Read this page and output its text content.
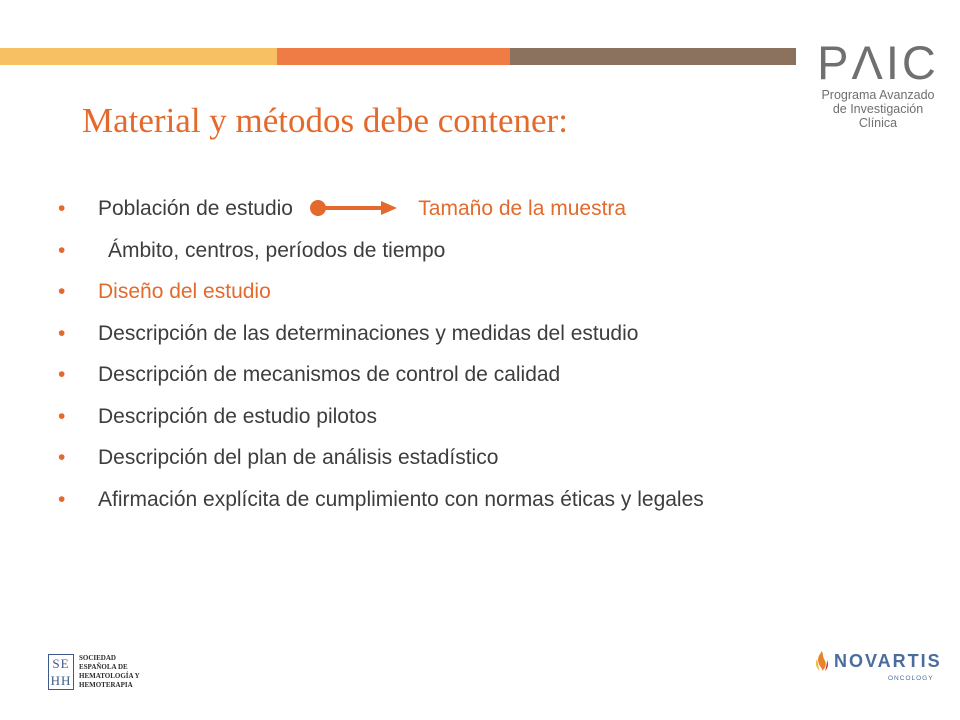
PΛIC
Programa Avanzado
de Investigación
Clínica
Material y métodos debe contener:
• Población de estudio	Tamaño de la muestra
• Ámbito, centros, períodos de tiempo
• Diseño del estudio
• Descripción de las determinaciones y medidas del estudio
• Descripción de mecanismos de control de calidad
• Descripción de estudio pilotos
• Descripción del plan de análisis estadístico
• Afirmación explícita de cumplimiento con normas éticas y legales
SE
HH
SOCIEDAD
ESPAÑOLA DE
HEMATOLOGÍA Y
HEMOTERAPIA
NOVARTIS
ONCOLOGY
